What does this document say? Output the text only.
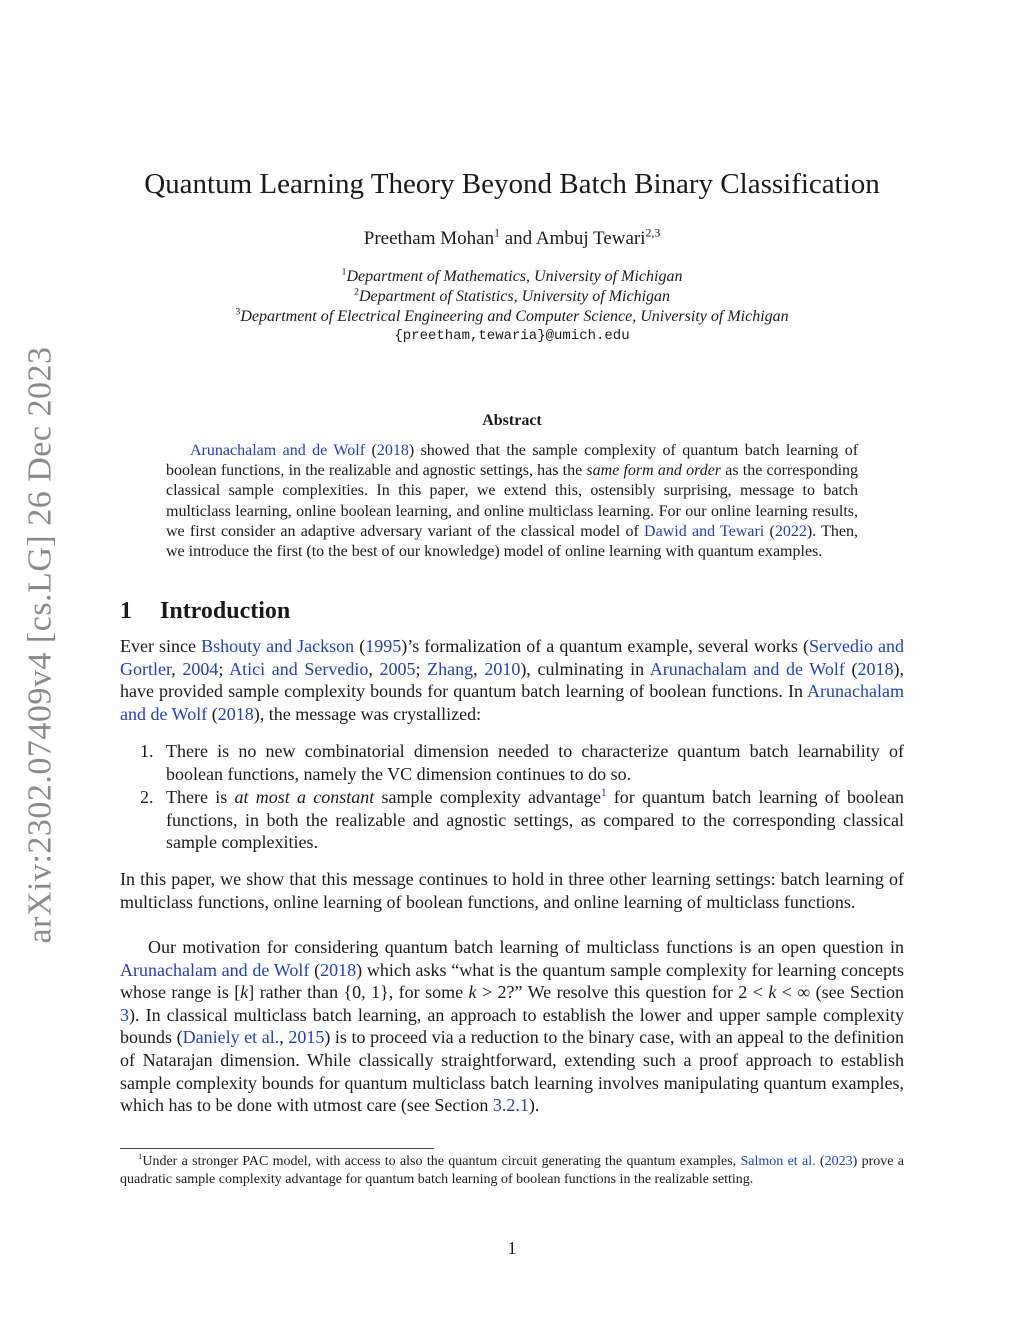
arXiv:2302.07409v4 [cs.LG] 26 Dec 2023
Quantum Learning Theory Beyond Batch Binary Classification
Preetham Mohan$^1$ and Ambuj Tewari$^{2,3}$
$^1$Department of Mathematics, University of Michigan
$^2$Department of Statistics, University of Michigan
$^3$Department of Electrical Engineering and Computer Science, University of Michigan
{preetham,tewaria}@umich.edu
Abstract

Arunachalam and de Wolf (2018) showed that the sample complexity of quantum batch learning of boolean functions, in the realizable and agnostic settings, has the same form and order as the corresponding classical sample complexities. In this paper, we extend this, ostensibly surprising, message to batch multiclass learning, online boolean learning, and online multiclass learning. For our online learning results, we first consider an adaptive adversary variant of the classical model of Dawid and Tewari (2022). Then, we introduce the first (to the best of our knowledge) model of online learning with quantum examples.

1 Introduction

Ever since Bshouty and Jackson (1995)’s formalization of a quantum example, several works (Servedio and Gortler, 2004; Atici and Servedio, 2005; Zhang, 2010), culminating in Arunachalam and de Wolf (2018), have provided sample complexity bounds for quantum batch learning of boolean functions. In Arunachalam and de Wolf (2018), the message was crystallized:

1. There is no new combinatorial dimension needed to characterize quantum batch learnability of boolean functions, namely the VC dimension continues to do so.
2. There is at most a constant sample complexity advantage$^1$ for quantum batch learning of boolean functions, in both the realizable and agnostic settings, as compared to the corresponding classical sample complexities.

In this paper, we show that this message continues to hold in three other learning settings: batch learning of multiclass functions, online learning of boolean functions, and online learning of multiclass functions.

Our motivation for considering quantum batch learning of multiclass functions is an open question in Arunachalam and de Wolf (2018) which asks “what is the quantum sample complexity for learning concepts whose range is [k] rather than {0, 1}, for some k > 2?” We resolve this question for 2 < k < ∞ (see Section 3). In classical multiclass batch learning, an approach to establish the lower and upper sample complexity bounds (Daniely et al., 2015) is to proceed via a reduction to the binary case, with an appeal to the definition of Natarajan dimension. While classically straightforward, extending such a proof approach to establish sample complexity bounds for quantum multiclass batch learning involves manipulating quantum examples, which has to be done with utmost care (see Section 3.2.1).

$^1$Under a stronger PAC model, with access to also the quantum circuit generating the quantum examples, Salmon et al. (2023) prove a quadratic sample complexity advantage for quantum batch learning of boolean functions in the realizable setting.

1
